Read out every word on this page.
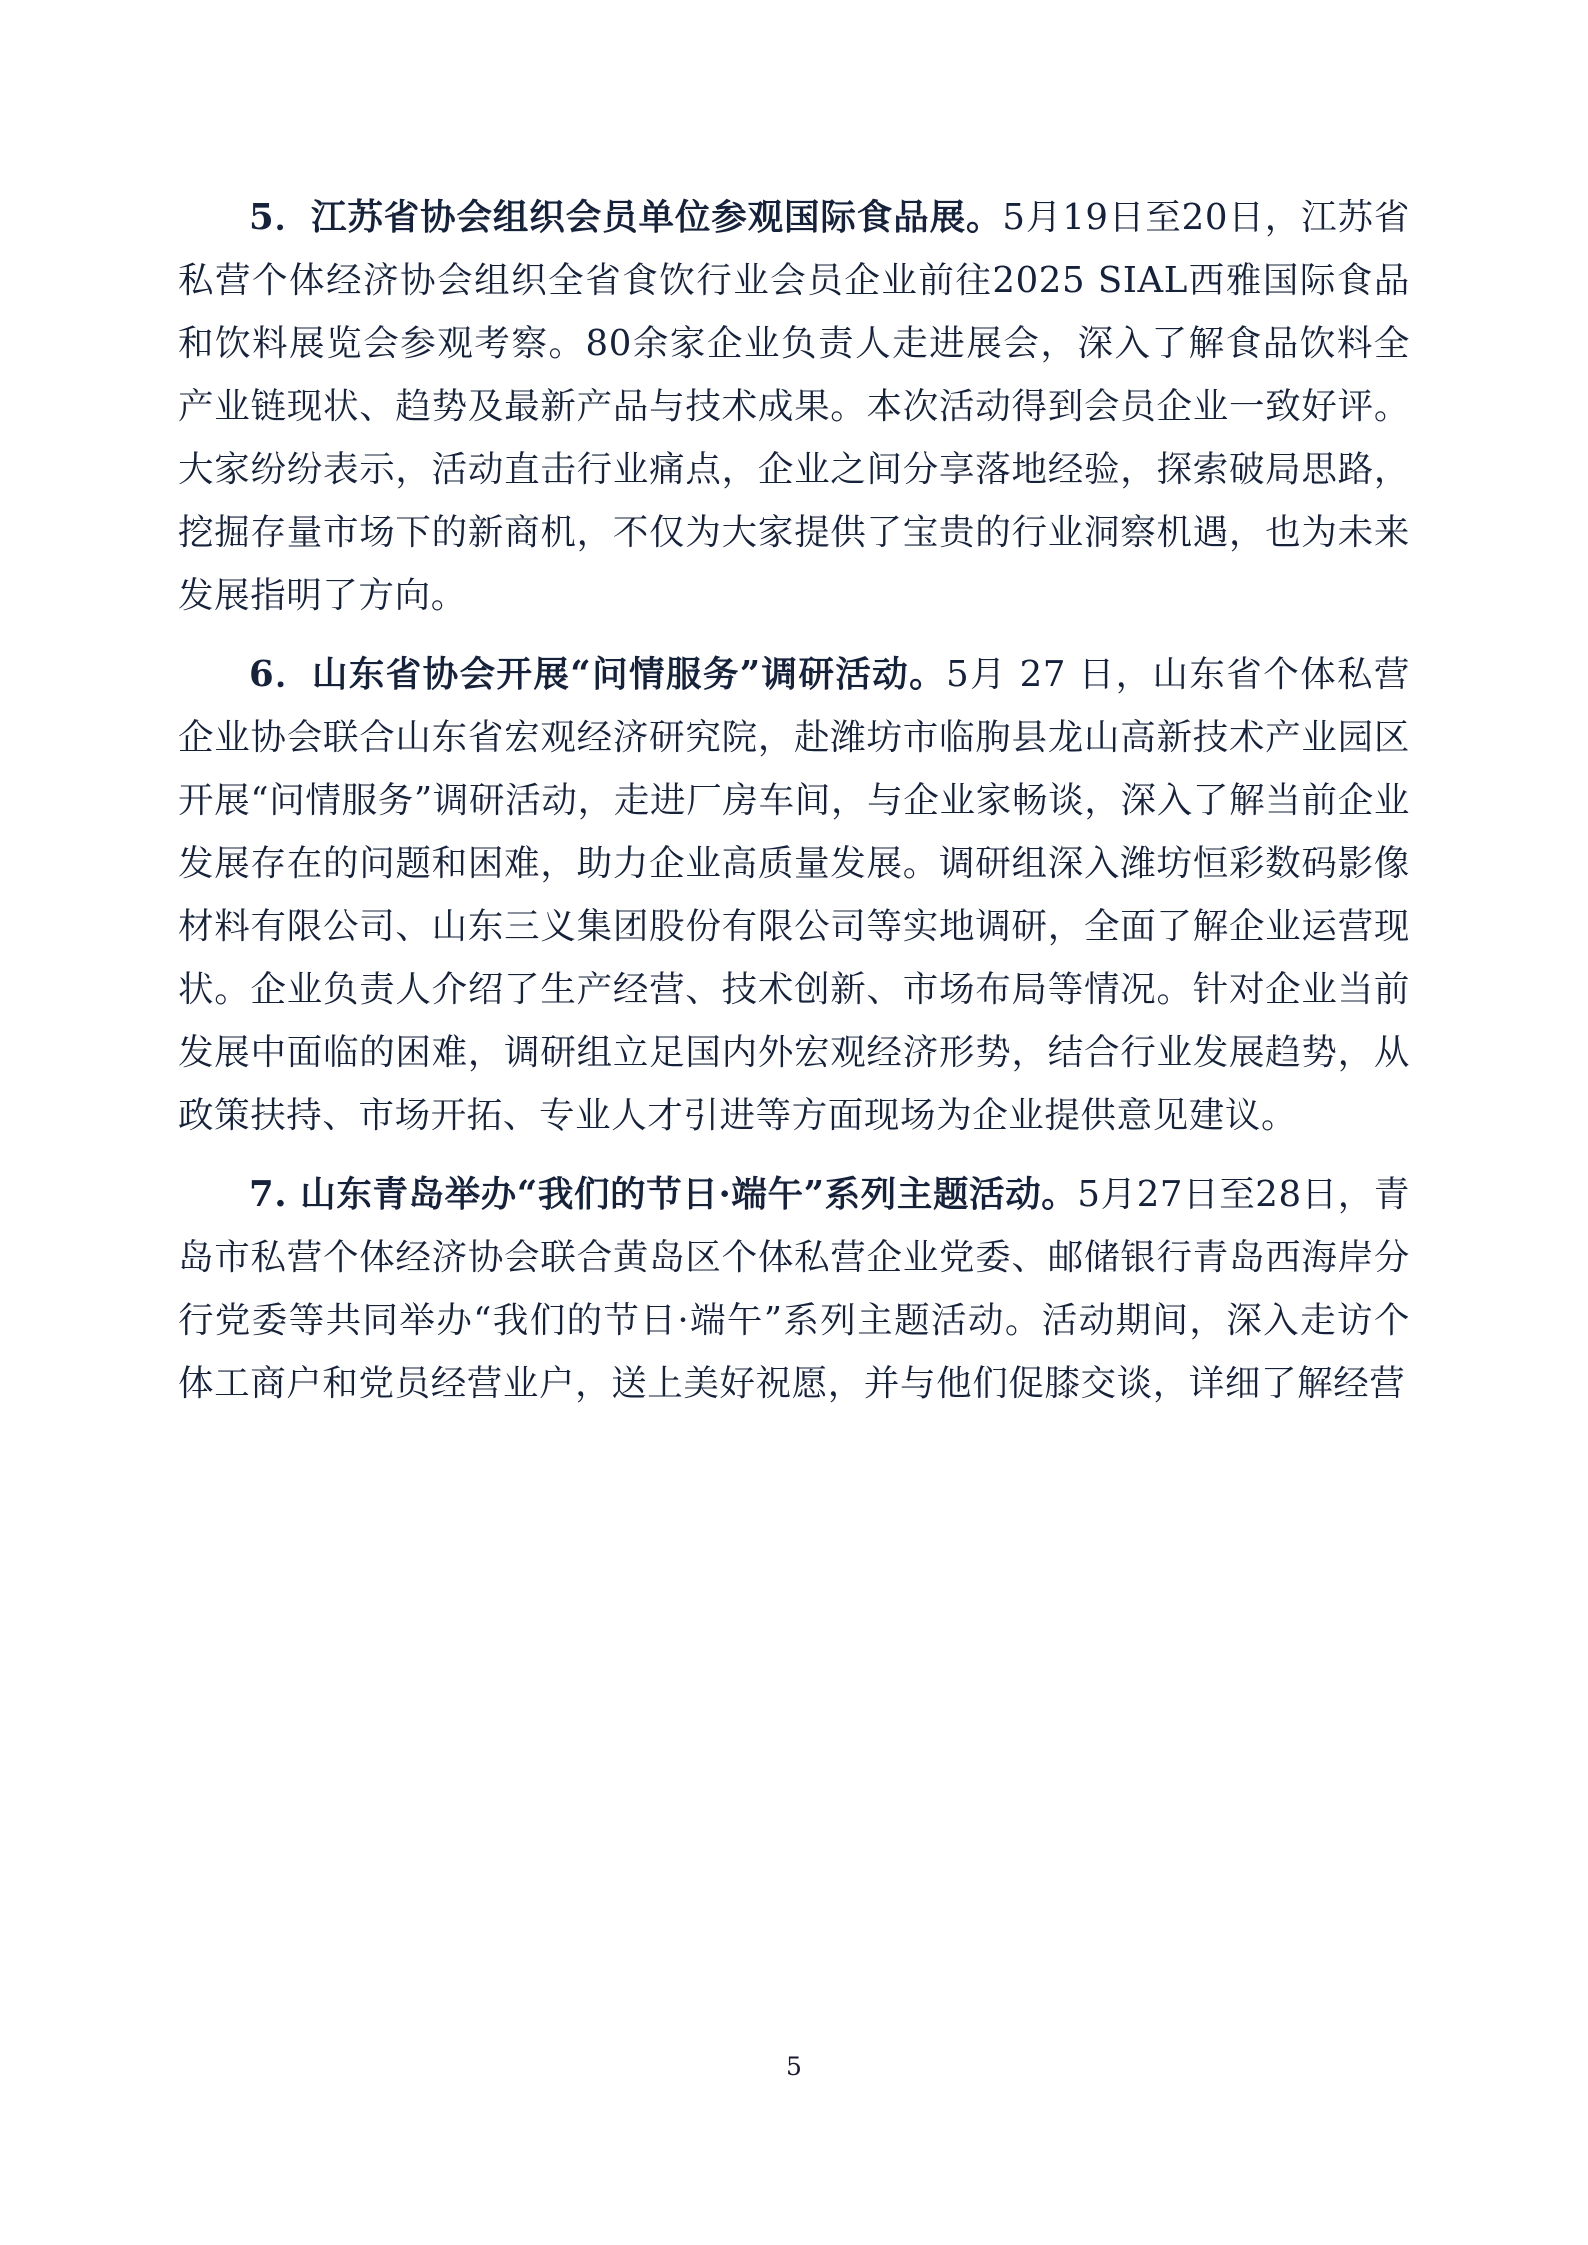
5．江苏省协会组织会员单位参观国际食品展。5月19日至20日，江苏省私营个体经济协会组织全省食饮行业会员企业前往2025 SIAL西雅国际食品和饮料展览会参观考察。80余家企业负责人走进展会，深入了解食品饮料全产业链现状、趋势及最新产品与技术成果。本次活动得到会员企业一致好评。大家纷纷表示，活动直击行业痛点，企业之间分享落地经验，探索破局思路，挖掘存量市场下的新商机，不仅为大家提供了宝贵的行业洞察机遇，也为未来发展指明了方向。

6．山东省协会开展“问情服务”调研活动。5月 27 日，山东省个体私营企业协会联合山东省宏观经济研究院，赴潍坊市临朐县龙山高新技术产业园区开展“问情服务”调研活动，走进厂房车间，与企业家畅谈，深入了解当前企业发展存在的问题和困难，助力企业高质量发展。调研组深入潍坊恒彩数码影像材料有限公司、山东三义集团股份有限公司等实地调研，全面了解企业运营现状。企业负责人介绍了生产经营、技术创新、市场布局等情况。针对企业当前发展中面临的困难，调研组立足国内外宏观经济形势，结合行业发展趋势，从政策扶持、市场开拓、专业人才引进等方面现场为企业提供意见建议。

7. 山东青岛举办“我们的节日·端午”系列主题活动。5月27日至28日，青岛市私营个体经济协会联合黄岛区个体私营企业党委、邮储银行青岛西海岸分行党委等共同举办“我们的节日·端午”系列主题活动。活动期间，深入走访个体工商户和党员经营业户，送上美好祝愿，并与他们促膝交谈，详细了解经营

5
